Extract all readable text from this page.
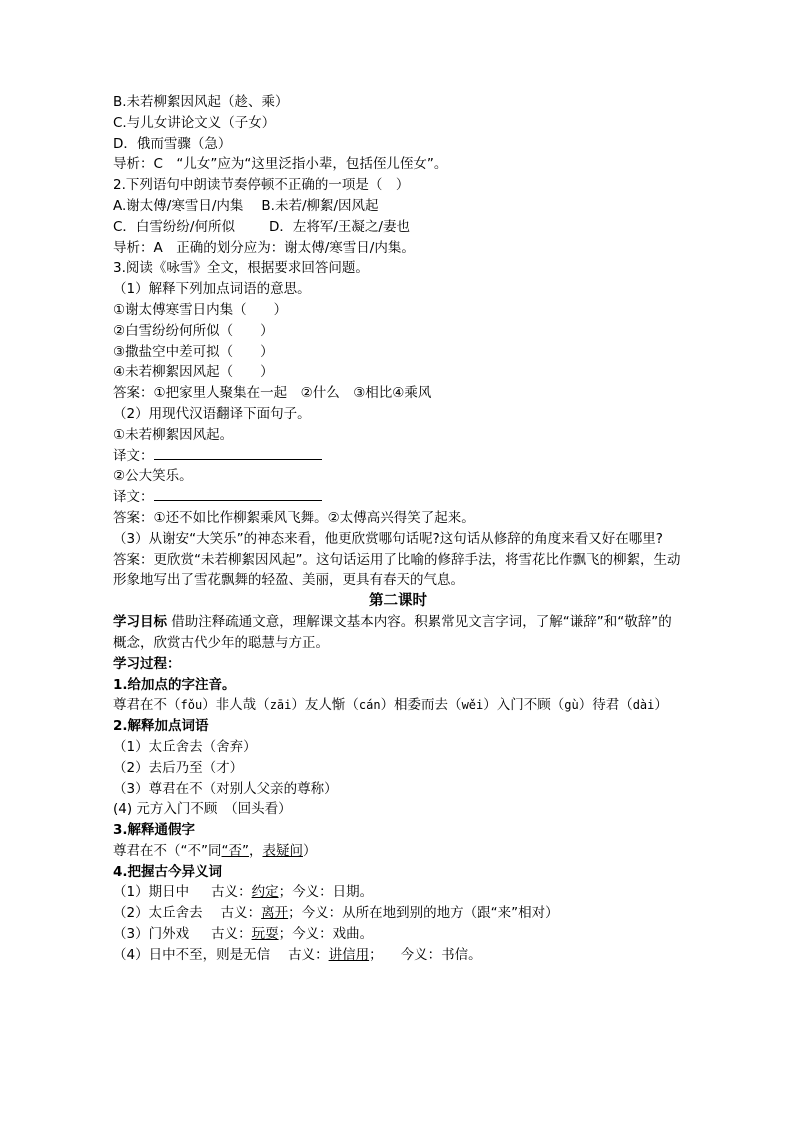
B.未若柳絮因风起（趁、乘）
C.与儿女讲论文义（子女）
D．俄而雪骤（急）
导析：C　“儿女”应为“这里泛指小辈，包括侄儿侄女”。
2.下列语句中朗读节奏停顿不正确的一项是（　）
A.谢太傅/寒雪日/内集 B.未若/柳絮/因风起
C．白雪纷纷/何所似	D．左将军/王凝之/妻也
导析：A　正确的划分应为：谢太傅/寒雪日/内集。
3.阅读《咏雪》全文，根据要求回答问题。
（1）解释下列加点词语的意思。
①谢太傅寒雪日内集（　　）
②白雪纷纷何所似（　　）
③撒盐空中差可拟（　　）
④未若柳絮因风起（　　）
答案：①把家里人聚集在一起　②什么　③相比④乘风
（2）用现代汉语翻译下面句子。
①未若柳絮因风起。
译文：
②公大笑乐。
译文：
答案：①还不如比作柳絮乘风飞舞。②太傅高兴得笑了起来。
（3）从谢安“大笑乐”的神态来看，他更欣赏哪句话呢?这句话从修辞的角度来看又好在哪里?
答案：更欣赏“未若柳絮因风起”。这句话运用了比喻的修辞手法，将雪花比作飘飞的柳絮，生动形象地写出了雪花飘舞的轻盈、美丽，更具有春天的气息。
第二课时
学习目标 借助注释疏通文意，理解课文基本内容。积累常见文言字词，了解“谦辞”和“敬辞”的概念，欣赏古代少年的聪慧与方正。
学习过程：
1.给加点的字注音。
尊君在不（fǒu）非人哉（zāi）友人惭（cán）相委而去（wěi）入门不顾（gù）待君（dài）
2.解释加点词语
（1）太丘舍去（舍弃）
（2）去后乃至（才）
（3）尊君在不（对别人父亲的尊称）
(4) 元方入门不顾　（回头看）
3.解释通假字
尊君在不（“不”同“否”，表疑问）
4.把握古今异义词
（1）期日中 古义：约定；今义：日期。
（2）太丘舍去 古义：离开；今义：从所在地到别的地方（跟“来”相对）
（3）门外戏 古义：玩耍；今义：戏曲。
（4）日中不至，则是无信 古义：讲信用； 今义：书信。
